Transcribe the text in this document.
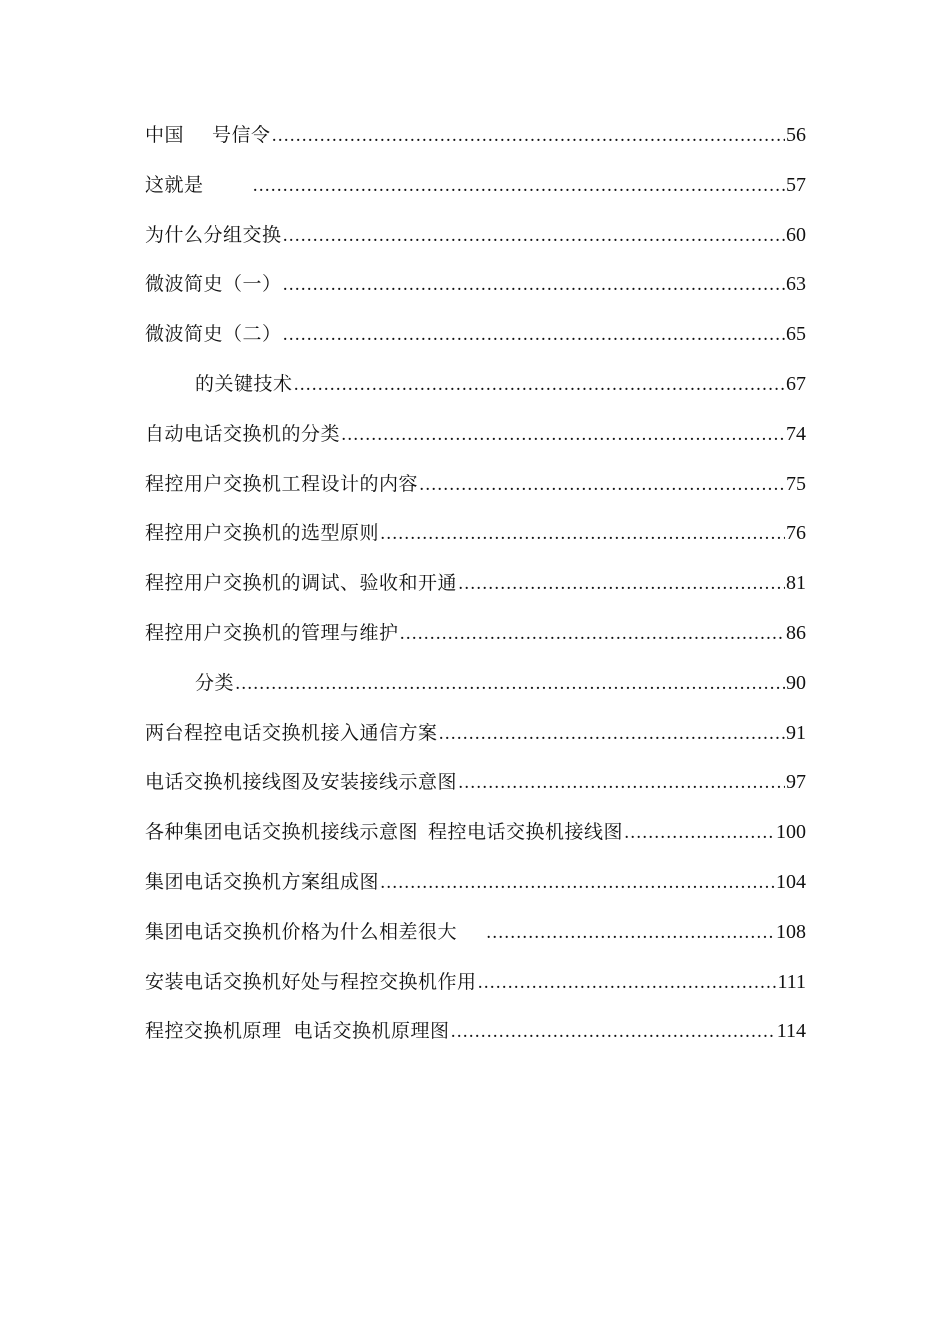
中国 号信令 .....	56
这就是 .....	57
为什么分组交换 .....	60
微波简史（一） .....	63
微波简史（二） .....	65
的关键技术 .....	67
自动电话交换机的分类 .....	74
程控用户交换机工程设计的内容 .....	75
程控用户交换机的选型原则 .....	76
程控用户交换机的调试、验收和开通 .....	81
程控用户交换机的管理与维护 .....	86
分类 .....	90
两台程控电话交换机接入通信方案 .....	91
电话交换机接线图及安装接线示意图 .....	97
各种集团电话交换机接线示意图 程控电话交换机接线图 .....	100
集团电话交换机方案组成图 .....	104
集团电话交换机价格为什么相差很大 .....	108
安装电话交换机好处与程控交换机作用 .....	111
程控交换机原理 电话交换机原理图 .....	114
